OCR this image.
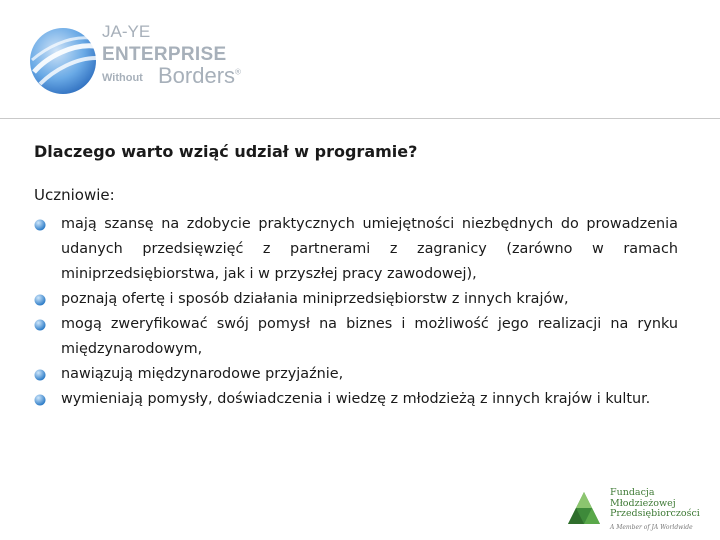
JA-YE
ENTERPRISE
Without Borders®
Dlaczego warto wziąć udział w programie?
Uczniowie:
mają szansę na zdobycie praktycznych umiejętności niezbędnych do prowadzenia udanych przedsięwzięć z partnerami z zagranicy (zarówno w ramach miniprzedsiębiorstwa, jak i w przyszłej pracy zawodowej),
poznają ofertę i sposób działania miniprzedsiębiorstw z innych krajów,
mogą zweryfikować swój pomysł na biznes i możliwość jego realizacji na rynku międzynarodowym,
nawiązują międzynarodowe przyjaźnie,
wymieniają pomysły, doświadczenia i wiedzę z młodzieżą z innych krajów i kultur.
Fundacja
Młodzieżowej
Przedsiębiorczości
A Member of JA Worldwide
